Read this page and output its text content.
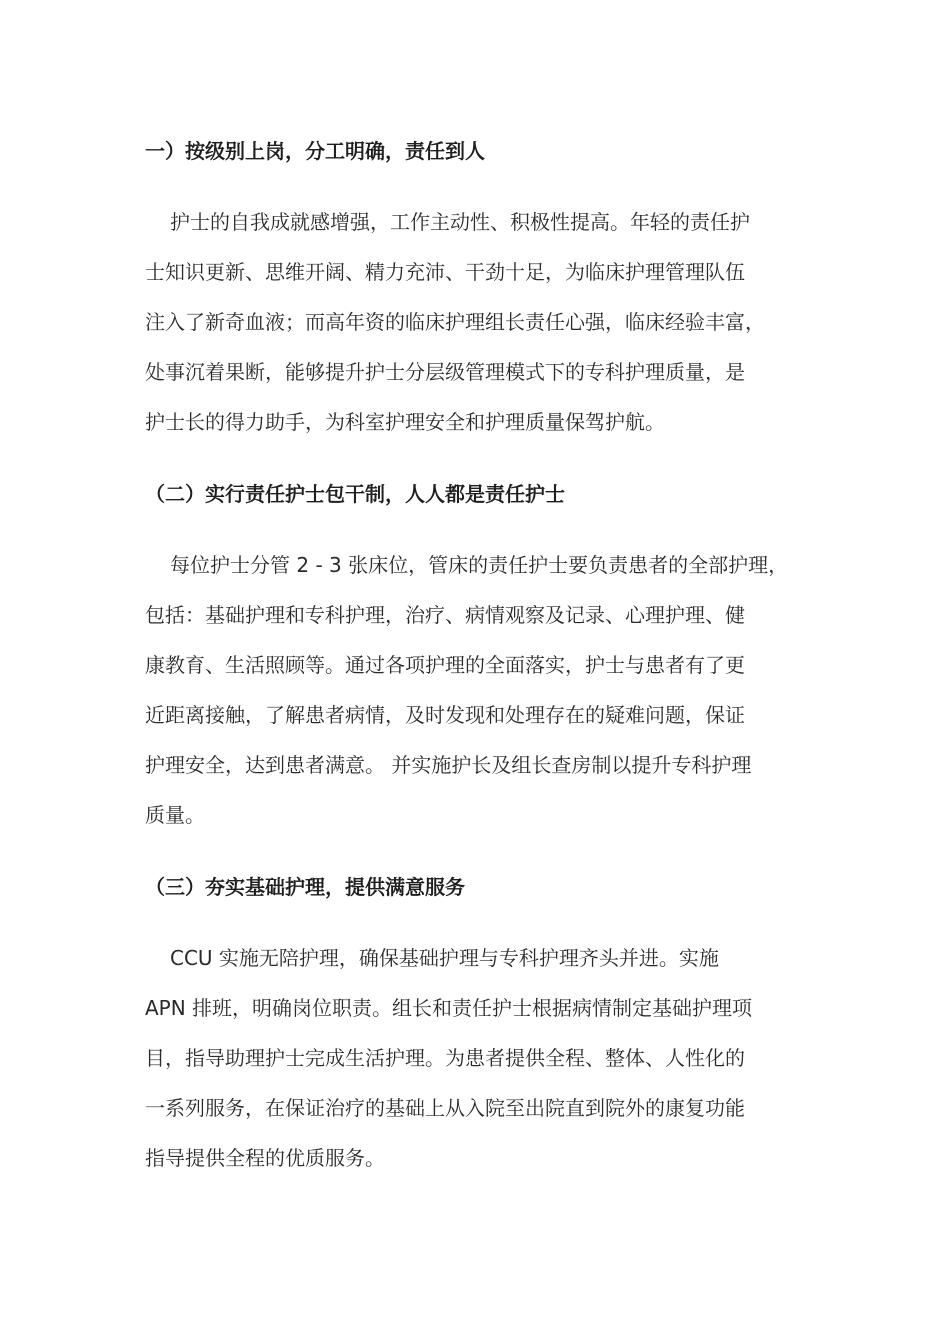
一）按级别上岗，分工明确，责任到人
护士的自我成就感增强，工作主动性、积极性提高。年轻的责任护
士知识更新、思维开阔、精力充沛、干劲十足，为临床护理管理队伍
注入了新奇血液；而高年资的临床护理组长责任心强，临床经验丰富，
处事沉着果断，能够提升护士分层级管理模式下的专科护理质量，是
护士长的得力助手，为科室护理安全和护理质量保驾护航。
（二）实行责任护士包干制，人人都是责任护士
每位护士分管 2 - 3 张床位，管床的责任护士要负责患者的全部护理，
包括：基础护理和专科护理，治疗、病情观察及记录、心理护理、健
康教育、生活照顾等。通过各项护理的全面落实，护士与患者有了更
近距离接触，了解患者病情，及时发现和处理存在的疑难问题，保证
护理安全，达到患者满意。 并实施护长及组长查房制以提升专科护理
质量。
（三）夯实基础护理，提供满意服务
CCU 实施无陪护理，确保基础护理与专科护理齐头并进。实施
APN 排班，明确岗位职责。组长和责任护士根据病情制定基础护理项
目，指导助理护士完成生活护理。为患者提供全程、整体、人性化的
一系列服务，在保证治疗的基础上从入院至出院直到院外的康复功能
指导提供全程的优质服务。
